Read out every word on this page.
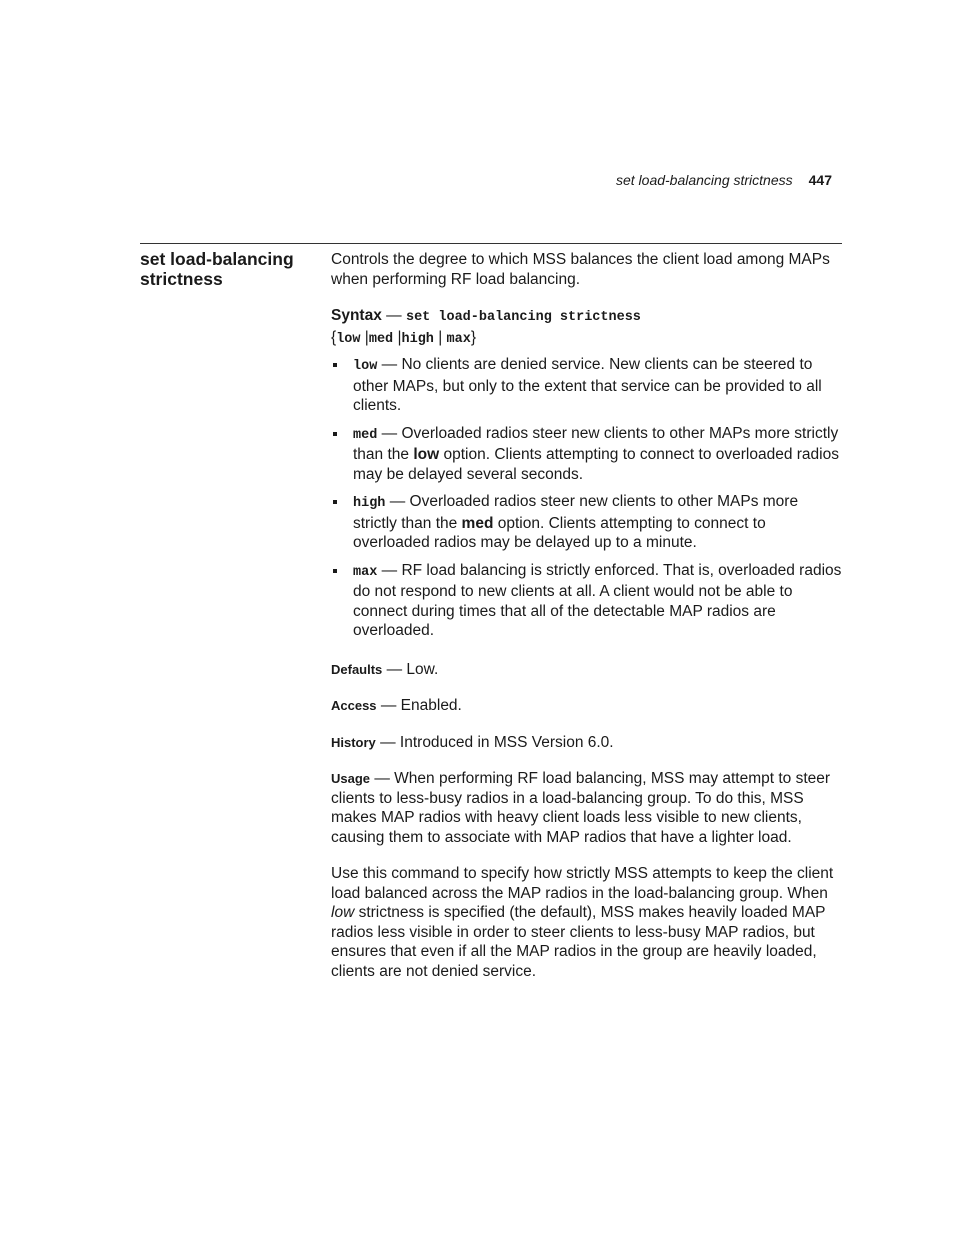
set load-balancing strictness 447
set load-balancing strictness

Controls the degree to which MSS balances the client load among MAPs when performing RF load balancing.

Syntax — set load-balancing strictness

{low |med |high | max}

low — No clients are denied service. New clients can be steered to other MAPs, but only to the extent that service can be provided to all clients.
med — Overloaded radios steer new clients to other MAPs more strictly than the low option. Clients attempting to connect to overloaded radios may be delayed several seconds.
high — Overloaded radios steer new clients to other MAPs more strictly than the med option. Clients attempting to connect to overloaded radios may be delayed up to a minute.
max — RF load balancing is strictly enforced. That is, overloaded radios do not respond to new clients at all. A client would not be able to connect during times that all of the detectable MAP radios are overloaded.

Defaults — Low.

Access — Enabled.

History — Introduced in MSS Version 6.0.

Usage — When performing RF load balancing, MSS may attempt to steer clients to less-busy radios in a load-balancing group. To do this, MSS makes MAP radios with heavy client loads less visible to new clients, causing them to associate with MAP radios that have a lighter load.

Use this command to specify how strictly MSS attempts to keep the client load balanced across the MAP radios in the load-balancing group. When low strictness is specified (the default), MSS makes heavily loaded MAP radios less visible in order to steer clients to less-busy MAP radios, but ensures that even if all the MAP radios in the group are heavily loaded, clients are not denied service.
